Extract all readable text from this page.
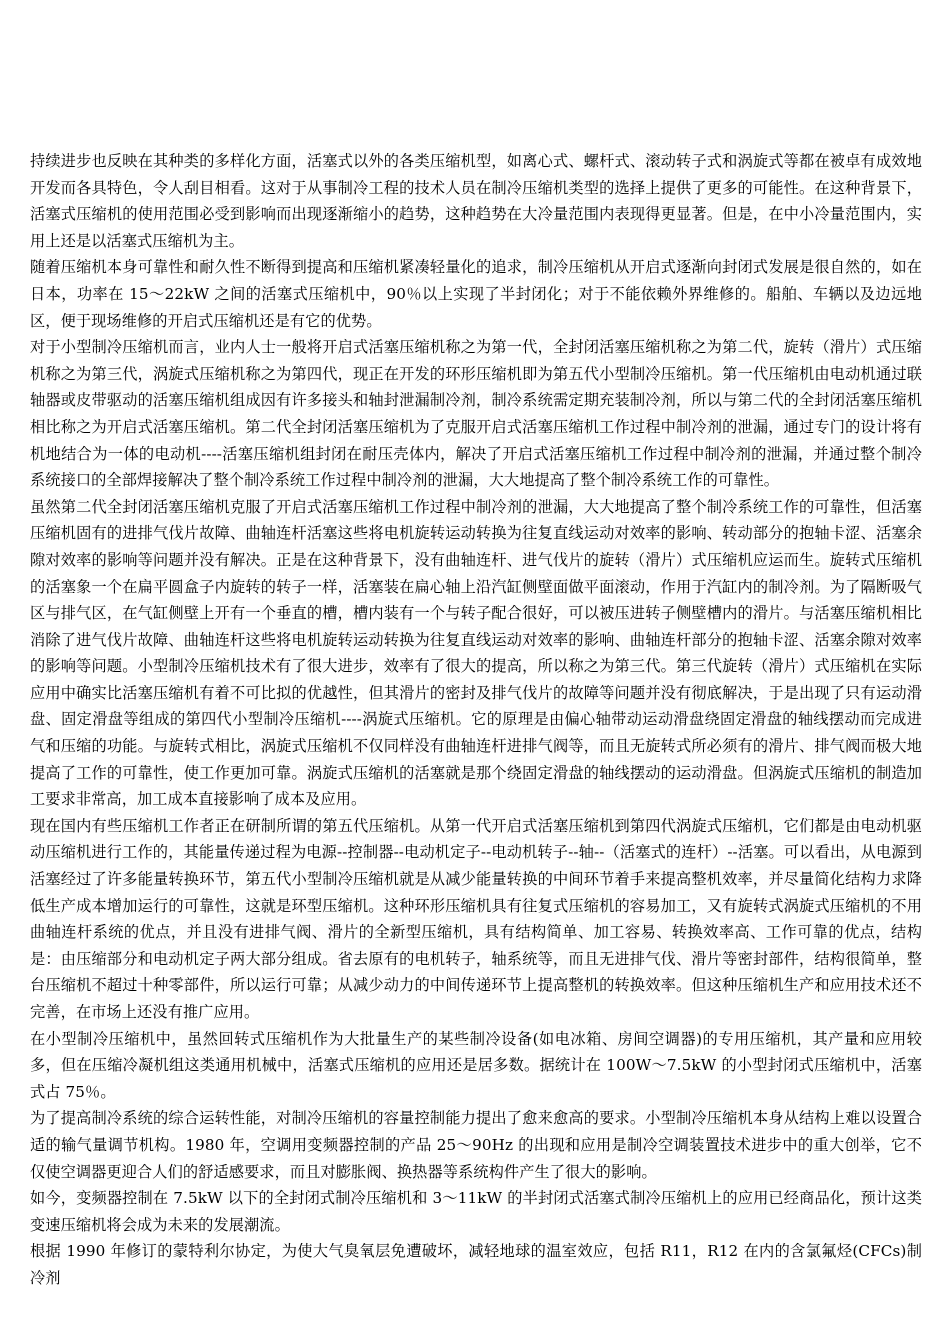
持续进步也反映在其种类的多样化方面，活塞式以外的各类压缩机型，如离心式、螺杆式、滚动转子式和涡旋式等都在被卓有成效地开发而各具特色，令人刮目相看。这对于从事制冷工程的技术人员在制冷压缩机类型的选择上提供了更多的可能性。在这种背景下，活塞式压缩机的使用范围必受到影响而出现逐渐缩小的趋势，这种趋势在大冷量范围内表现得更显著。但是，在中小冷量范围内，实用上还是以活塞式压缩机为主。

随着压缩机本身可靠性和耐久性不断得到提高和压缩机紧凑轻量化的追求，制冷压缩机从开启式逐渐向封闭式发展是很自然的，如在日本，功率在 15～22kW 之间的活塞式压缩机中，90％以上实现了半封闭化；对于不能依赖外界维修的。船舶、车辆以及边远地区，便于现场维修的开启式压缩机还是有它的优势。

对于小型制冷压缩机而言，业内人士一般将开启式活塞压缩机称之为第一代，全封闭活塞压缩机称之为第二代，旋转（滑片）式压缩机称之为第三代，涡旋式压缩机称之为第四代，现正在开发的环形压缩机即为第五代小型制冷压缩机。第一代压缩机由电动机通过联轴器或皮带驱动的活塞压缩机组成因有许多接头和轴封泄漏制冷剂，制冷系统需定期充装制冷剂，所以与第二代的全封闭活塞压缩机相比称之为开启式活塞压缩机。第二代全封闭活塞压缩机为了克服开启式活塞压缩机工作过程中制冷剂的泄漏，通过专门的设计将有机地结合为一体的电动机----活塞压缩机组封闭在耐压壳体内，解决了开启式活塞压缩机工作过程中制冷剂的泄漏，并通过整个制冷系统接口的全部焊接解决了整个制冷系统工作过程中制冷剂的泄漏，大大地提高了整个制冷系统工作的可靠性。

虽然第二代全封闭活塞压缩机克服了开启式活塞压缩机工作过程中制冷剂的泄漏，大大地提高了整个制冷系统工作的可靠性，但活塞压缩机固有的进排气伐片故障、曲轴连杆活塞这些将电机旋转运动转换为往复直线运动对效率的影响、转动部分的抱轴卡涩、活塞余隙对效率的影响等问题并没有解决。正是在这种背景下，没有曲轴连杆、进气伐片的旋转（滑片）式压缩机应运而生。旋转式压缩机的活塞象一个在扁平圆盒子内旋转的转子一样，活塞装在扁心轴上沿汽缸侧壁面做平面滚动，作用于汽缸内的制冷剂。为了隔断吸气区与排气区，在气缸侧壁上开有一个垂直的槽，槽内装有一个与转子配合很好，可以被压进转子侧壁槽内的滑片。与活塞压缩机相比消除了进气伐片故障、曲轴连杆这些将电机旋转运动转换为往复直线运动对效率的影响、曲轴连杆部分的抱轴卡涩、活塞余隙对效率的影响等问题。小型制冷压缩机技术有了很大进步，效率有了很大的提高，所以称之为第三代。第三代旋转（滑片）式压缩机在实际应用中确实比活塞压缩机有着不可比拟的优越性，但其滑片的密封及排气伐片的故障等问题并没有彻底解决，于是出现了只有运动滑盘、固定滑盘等组成的第四代小型制冷压缩机----涡旋式压缩机。它的原理是由偏心轴带动运动滑盘绕固定滑盘的轴线摆动而完成进气和压缩的功能。与旋转式相比，涡旋式压缩机不仅同样没有曲轴连杆进排气阀等，而且无旋转式所必须有的滑片、排气阀而极大地提高了工作的可靠性，使工作更加可靠。涡旋式压缩机的活塞就是那个绕固定滑盘的轴线摆动的运动滑盘。但涡旋式压缩机的制造加工要求非常高，加工成本直接影响了成本及应用。

现在国内有些压缩机工作者正在研制所谓的第五代压缩机。从第一代开启式活塞压缩机到第四代涡旋式压缩机，它们都是由电动机驱动压缩机进行工作的，其能量传递过程为电源--控制器--电动机定子--电动机转子--轴--（活塞式的连杆）--活塞。可以看出，从电源到活塞经过了许多能量转换环节，第五代小型制冷压缩机就是从减少能量转换的中间环节着手来提高整机效率，并尽量简化结构力求降低生产成本增加运行的可靠性，这就是环型压缩机。这种环形压缩机具有往复式压缩机的容易加工，又有旋转式涡旋式压缩机的不用曲轴连杆系统的优点，并且没有进排气阀、滑片的全新型压缩机，具有结构简单、加工容易、转换效率高、工作可靠的优点，结构是：由压缩部分和电动机定子两大部分组成。省去原有的电机转子，轴系统等，而且无进排气伐、滑片等密封部件，结构很简单，整台压缩机不超过十种零部件，所以运行可靠；从减少动力的中间传递环节上提高整机的转换效率。但这种压缩机生产和应用技术还不完善，在市场上还没有推广应用。

在小型制冷压缩机中，虽然回转式压缩机作为大批量生产的某些制冷设备(如电冰箱、房间空调器)的专用压缩机，其产量和应用较多，但在压缩冷凝机组这类通用机械中，活塞式压缩机的应用还是居多数。据统计在 100W～7.5kW 的小型封闭式压缩机中，活塞式占 75％。

为了提高制冷系统的综合运转性能，对制冷压缩机的容量控制能力提出了愈来愈高的要求。小型制冷压缩机本身从结构上难以设置合适的输气量调节机构。1980 年，空调用变频器控制的产品 25～90Hz 的出现和应用是制冷空调装置技术进步中的重大创举，它不仅使空调器更迎合人们的舒适感要求，而且对膨胀阀、换热器等系统构件产生了很大的影响。

如今，变频器控制在 7.5kW 以下的全封闭式制冷压缩机和 3～11kW 的半封闭式活塞式制冷压缩机上的应用已经商品化，预计这类变速压缩机将会成为未来的发展潮流。

根据 1990 年修订的蒙特利尔协定，为使大气臭氧层免遭破坏，减轻地球的温室效应，包括 R11，R12 在内的含氯氟烃(CFCs)制冷剂
